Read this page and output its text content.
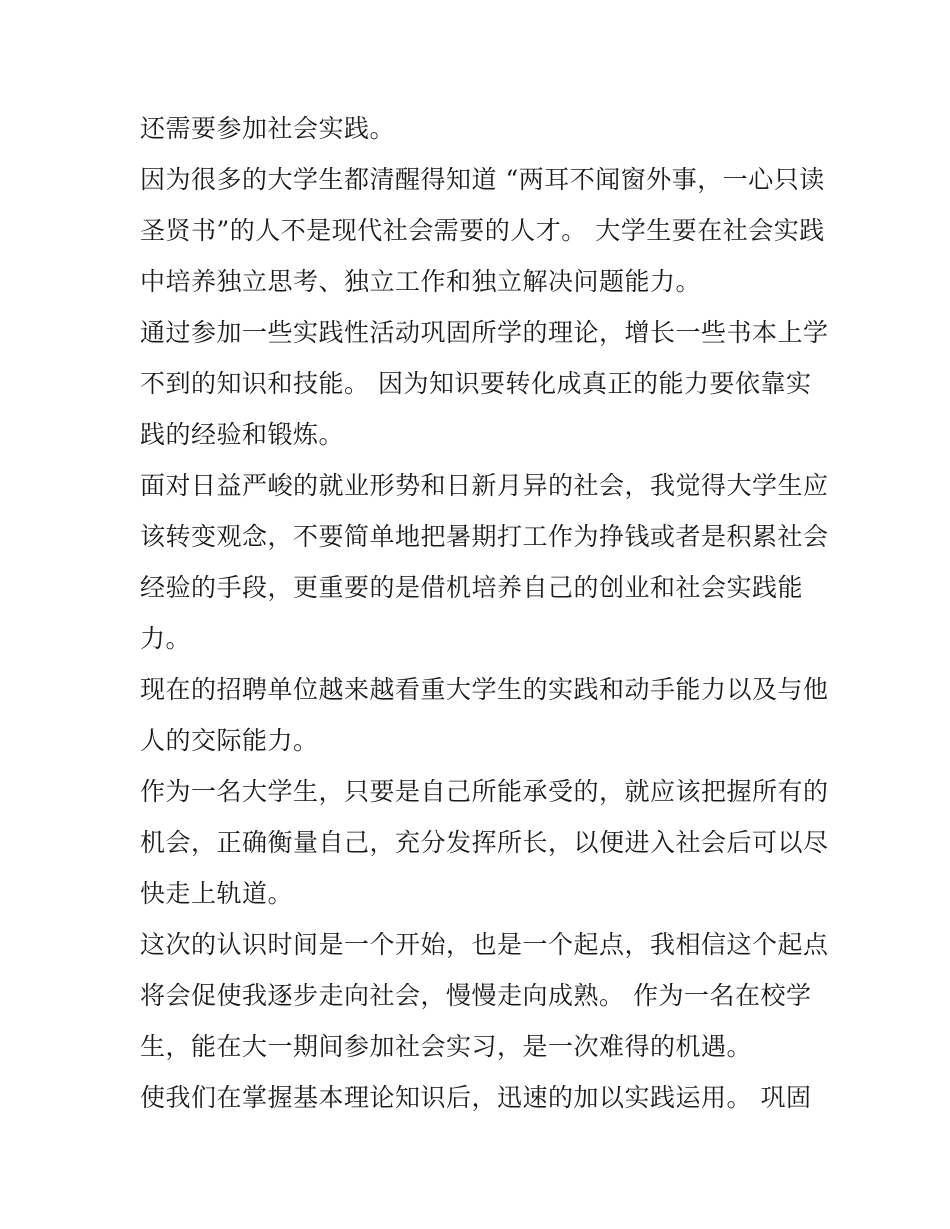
还需要参加社会实践。
因为很多的大学生都清醒得知道 “两耳不闻窗外事，一心只读
圣贤书”的人不是现代社会需要的人才。 大学生要在社会实践
中培养独立思考、独立工作和独立解决问题能力。
通过参加一些实践性活动巩固所学的理论，增长一些书本上学
不到的知识和技能。 因为知识要转化成真正的能力要依靠实
践的经验和锻炼。
面对日益严峻的就业形势和日新月异的社会，我觉得大学生应
该转变观念，不要简单地把暑期打工作为挣钱或者是积累社会
经验的手段，更重要的是借机培养自己的创业和社会实践能
力。
现在的招聘单位越来越看重大学生的实践和动手能力以及与他
人的交际能力。
作为一名大学生，只要是自己所能承受的，就应该把握所有的
机会，正确衡量自己，充分发挥所长，以便进入社会后可以尽
快走上轨道。
这次的认识时间是一个开始，也是一个起点，我相信这个起点
将会促使我逐步走向社会，慢慢走向成熟。 作为一名在校学
生，能在大一期间参加社会实习，是一次难得的机遇。
使我们在掌握基本理论知识后，迅速的加以实践运用。 巩固
